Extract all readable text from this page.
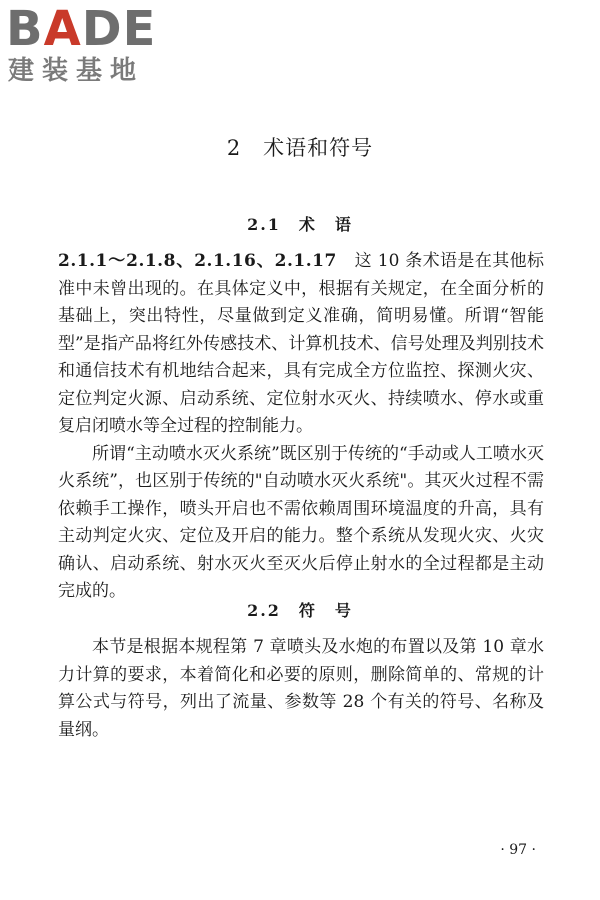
BADE
建装基地
2　术语和符号
2.1　术　语

2.1.1～2.1.8、2.1.16、2.1.17　这 10 条术语是在其他标准中未曾出现的。在具体定义中，根据有关规定，在全面分析的基础上，突出特性，尽量做到定义准确，简明易懂。所谓“智能型”是指产品将红外传感技术、计算机技术、信号处理及判别技术和通信技术有机地结合起来，具有完成全方位监控、探测火灾、定位判定火源、启动系统、定位射水灭火、持续喷水、停水或重复启闭喷水等全过程的控制能力。

所谓“主动喷水灭火系统”既区别于传统的“手动或人工喷水灭火系统”，也区别于传统的"自动喷水灭火系统"。其灭火过程不需依赖手工操作，喷头开启也不需依赖周围环境温度的升高，具有主动判定火灾、定位及开启的能力。整个系统从发现火灾、火灾确认、启动系统、射水灭火至灭火后停止射水的全过程都是主动完成的。

2.2　符　号

本节是根据本规程第 7 章喷头及水炮的布置以及第 10 章水力计算的要求，本着简化和必要的原则，删除简单的、常规的计算公式与符号，列出了流量、参数等 28 个有关的符号、名称及量纲。

· 97 ·
